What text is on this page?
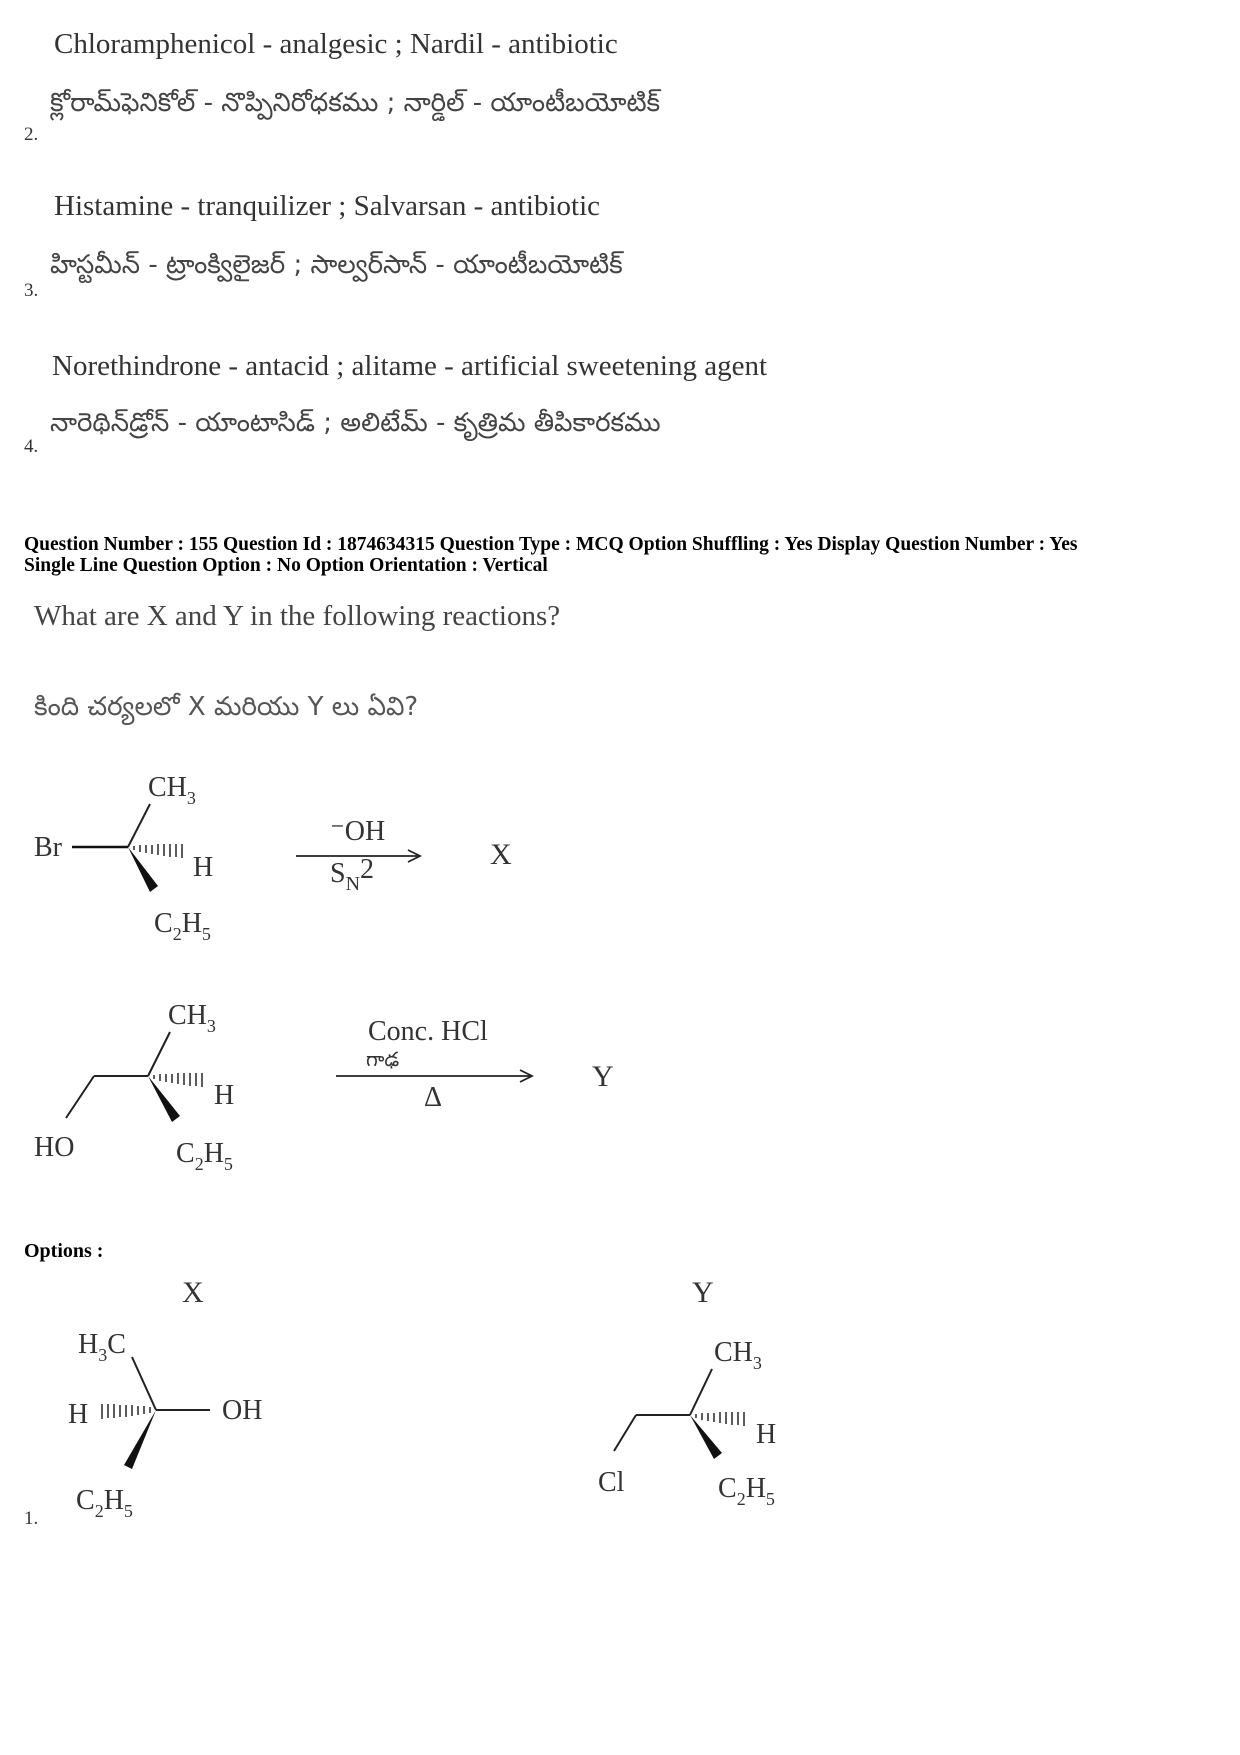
Chloramphenicol - analgesic ; Nardil - antibiotic
క్లోరామ్‌ఫెనికోల్ - నొప్పినిరోధకము ; నార్డిల్ - యాంటీబయోటిక్
2.
Histamine - tranquilizer ; Salvarsan - antibiotic
హిస్టమీన్ - ట్రాంక్విలైజర్ ; సాల్వర్‌సాన్ - యాంటీబయోటిక్
3.
Norethindrone - antacid ; alitame - artificial sweetening agent
నారెథిన్‌డ్రోన్ - యాంటాసిడ్ ; అలిటేమ్ - కృత్రిమ తీపికారకము
4.
Question Number : 155 Question Id : 1874634315 Question Type : MCQ Option Shuffling : Yes Display Question Number : Yes
Single Line Question Option : No Option Orientation : Vertical
What are X and Y in the following reactions?
కింది చర్యలలో X మరియు Y లు ఏవి?
$CH_3$
Br
H
$C_2H_5$
⁻OH
$S_N2$	X
$CH_3$
HO
H
$C_2H_5$
Conc. HCl
గాఢ
Δ
Y
Options :
X
$H_3C$
OH
H
$C_2H_5$
Y
$CH_3$
Cl
H
$C_2H_5$
1.
